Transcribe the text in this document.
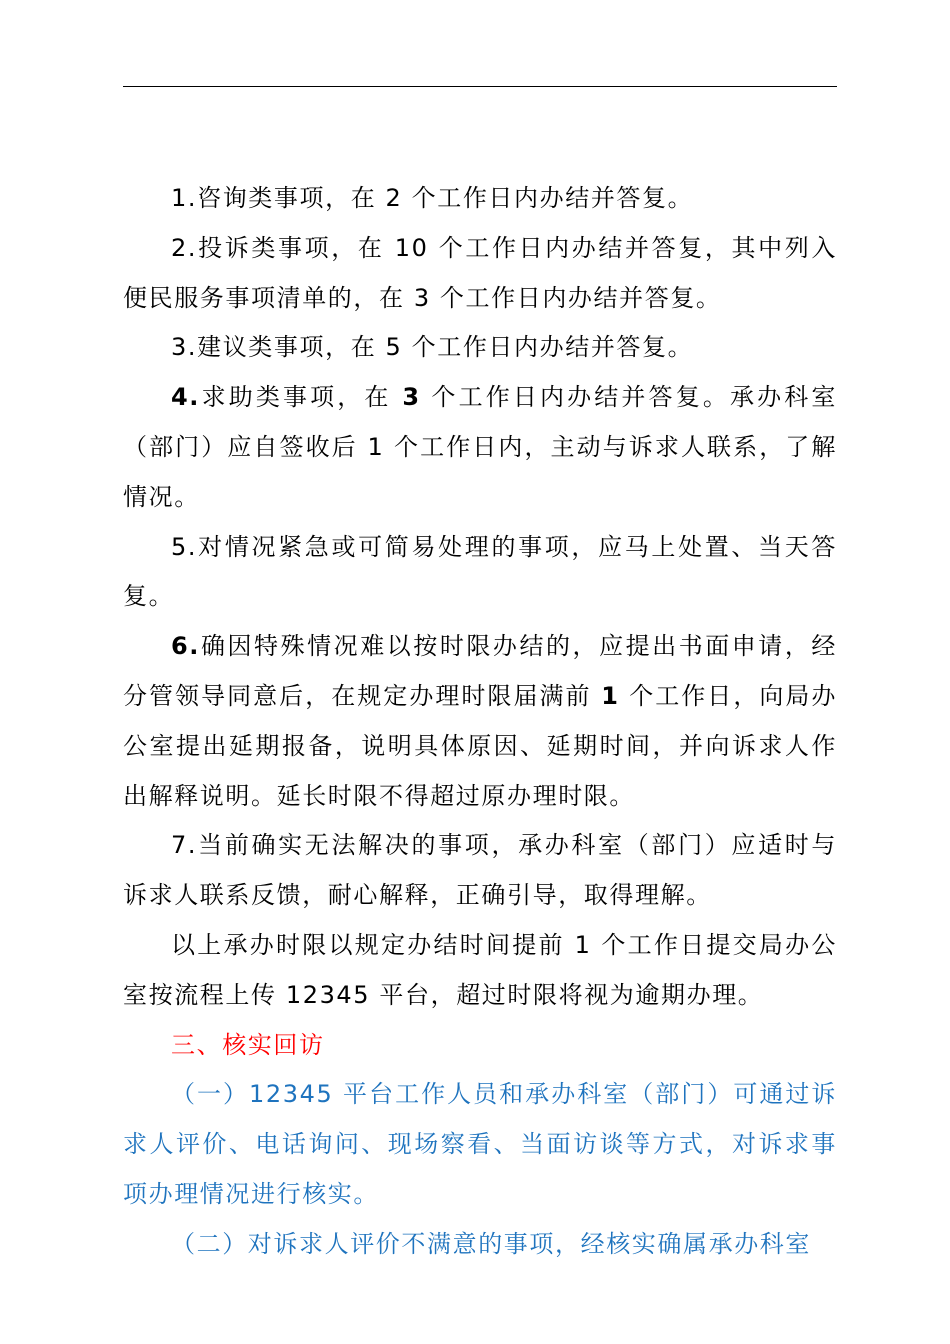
1.咨询类事项，在 2 个工作日内办结并答复。

2.投诉类事项，在 10 个工作日内办结并答复，其中列入便民服务事项清单的，在 3 个工作日内办结并答复。

3.建议类事项，在 5 个工作日内办结并答复。

4.求助类事项，在 3 个工作日内办结并答复。承办科室（部门）应自签收后 1 个工作日内，主动与诉求人联系，了解情况。

5.对情况紧急或可简易处理的事项，应马上处置、当天答复。

6.确因特殊情况难以按时限办结的，应提出书面申请，经分管领导同意后，在规定办理时限届满前 1 个工作日，向局办公室提出延期报备，说明具体原因、延期时间，并向诉求人作出解释说明。延长时限不得超过原办理时限。

7.当前确实无法解决的事项，承办科室（部门）应适时与诉求人联系反馈，耐心解释，正确引导，取得理解。

以上承办时限以规定办结时间提前 1 个工作日提交局办公室按流程上传 12345 平台，超过时限将视为逾期办理。

三、核实回访

（一）12345 平台工作人员和承办科室（部门）可通过诉求人评价、电话询问、现场察看、当面访谈等方式，对诉求事项办理情况进行核实。

（二）对诉求人评价不满意的事项，经核实确属承办科室
